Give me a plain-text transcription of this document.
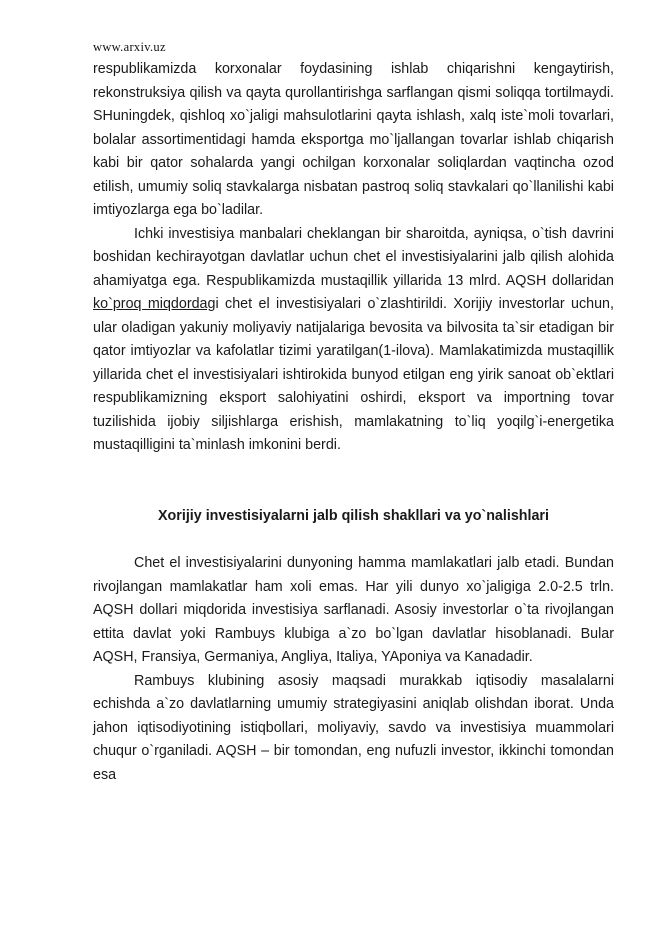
www.arxiv.uz

respublikamizda korxonalar foydasining ishlab chiqarishni kengaytirish, rekonstruksiya qilish va qayta qurollantirishga sarflangan qismi soliqqa tortilmaydi. SHuningdek, qishloq xo`jaligi mahsulotlarini qayta ishlash, xalq iste`moli tovarlari, bolalar assortimentidagi hamda eksportga mo`ljallangan tovarlar ishlab chiqarish kabi bir qator sohalarda yangi ochilgan korxonalar soliqlardan vaqtincha ozod etilish, umumiy soliq stavkalarga nisbatan pastroq soliq stavkalari qo`llanilishi kabi imtiyozlarga ega bo`ladilar.

Ichki investisiya manbalari cheklangan bir sharoitda, ayniqsa, o`tish davrini boshidan kechirayotgan davlatlar uchun chet el investisiyalarini jalb qilish alohida ahamiyatga ega. Respublikamizda mustaqillik yillarida 13 mlrd. AQSH dollaridan ko`proq miqdordagi chet el investisiyalari o`zlashtirildi. Xorijiy investorlar uchun, ular oladigan yakuniy moliyaviy natijalariga bevosita va bilvosita ta`sir etadigan bir qator imtiyozlar va kafolatlar tizimi yaratilgan(1-ilova). Mamlakatimizda mustaqillik yillarida chet el investisiyalari ishtirokida bunyod etilgan eng yirik sanoat ob`ektlari respublikamizning eksport salohiyatini oshirdi, eksport va importning tovar tuzilishida ijobiy siljishlarga erishish, mamlakatning to`liq yoqilg`i-energetika mustaqilligini ta`minlash imkonini berdi.

Xorijiy investisiyalarni jalb qilish shakllari va yo`nalishlari

Chet el investisiyalarini dunyoning hamma mamlakatlari jalb etadi. Bundan rivojlangan mamlakatlar ham xoli emas. Har yili dunyo xo`jaligiga 2.0-2.5 trln. AQSH dollari miqdorida investisiya sarflanadi. Asosiy investorlar o`ta rivojlangan ettita davlat yoki Rambuys klubiga a`zo bo`lgan davlatlar hisoblanadi. Bular AQSH, Fransiya, Germaniya, Angliya, Italiya, YAponiya va Kanadadir.

Rambuys klubining asosiy maqsadi murakkab iqtisodiy masalalarni echishda a`zo davlatlarning umumiy strategiyasini aniqlab olishdan iborat. Unda jahon iqtisodiyotining istiqbollari, moliyaviy, savdo va investisiya muammolari chuqur o`rganiladi. AQSH – bir tomondan, eng nufuzli investor, ikkinchi tomondan esa
